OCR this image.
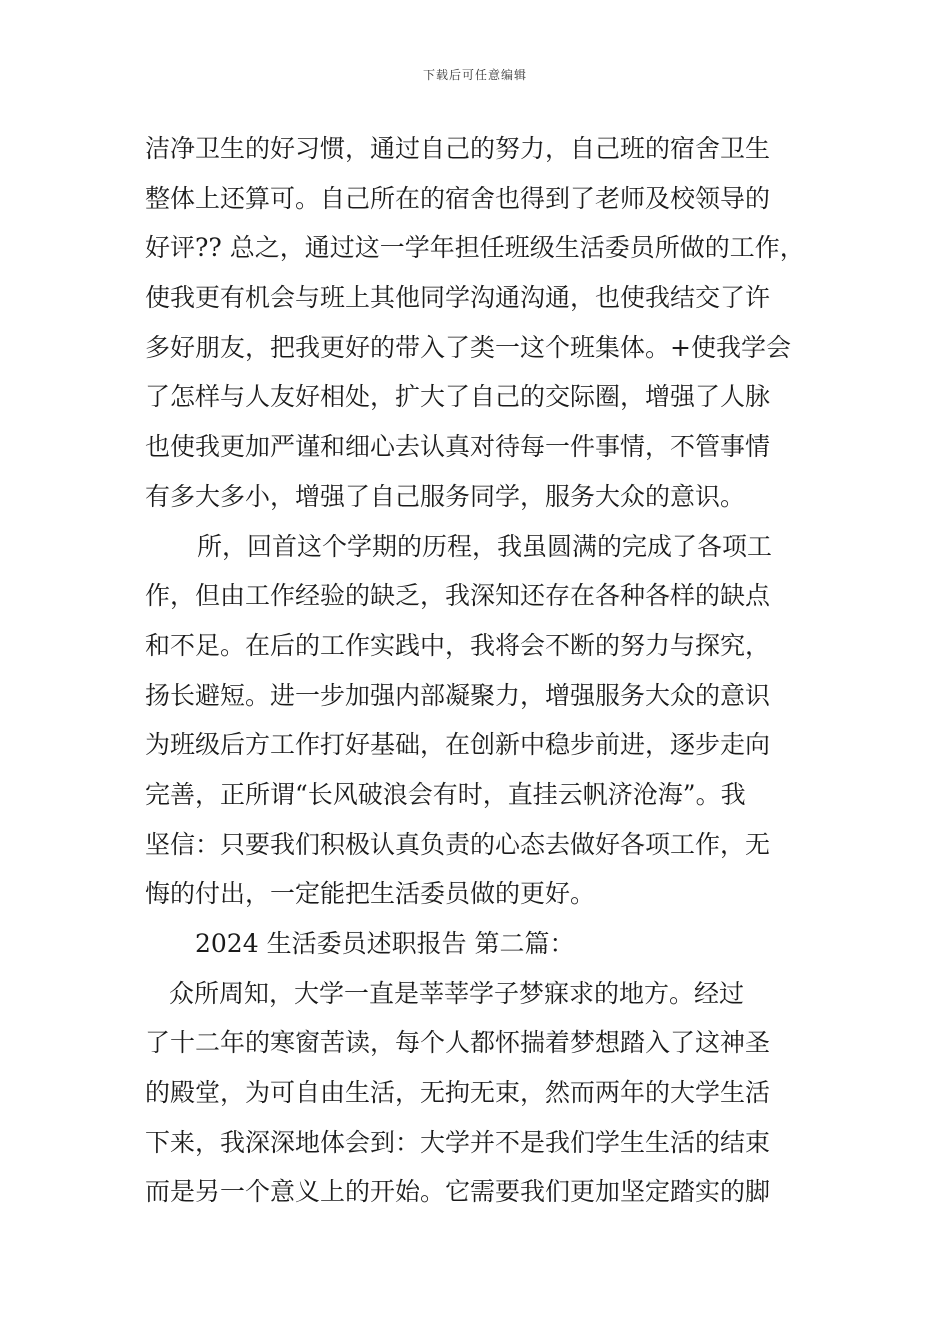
下载后可任意编辑
洁净卫生的好习惯，通过自己的努力，自己班的宿舍卫生
整体上还算可。自己所在的宿舍也得到了老师及校领导的
好评?? 总之，通过这一学年担任班级生活委员所做的工作，
使我更有机会与班上其他同学沟通沟通，也使我结交了许
多好朋友，把我更好的带入了类一这个班集体。+使我学会
了怎样与人友好相处，扩大了自己的交际圈，增强了人脉
也使我更加严谨和细心去认真对待每一件事情，不管事情
有多大多小，增强了自己服务同学，服务大众的意识。
所，回首这个学期的历程，我虽圆满的完成了各项工
作，但由工作经验的缺乏，我深知还存在各种各样的缺点
和不足。在后的工作实践中，我将会不断的努力与探究，
扬长避短。进一步加强内部凝聚力，增强服务大众的意识
为班级后方工作打好基础，在创新中稳步前进，逐步走向
完善，正所谓“长风破浪会有时，直挂云帆济沧海”。我
坚信：只要我们积极认真负责的心态去做好各项工作，无
悔的付出，一定能把生活委员做的更好。
2024 生活委员述职报告 第二篇：
众所周知，大学一直是莘莘学子梦寐求的地方。经过
了十二年的寒窗苦读，每个人都怀揣着梦想踏入了这神圣
的殿堂，为可自由生活，无拘无束，然而两年的大学生活
下来，我深深地体会到：大学并不是我们学生生活的结束
而是另一个意义上的开始。它需要我们更加坚定踏实的脚
